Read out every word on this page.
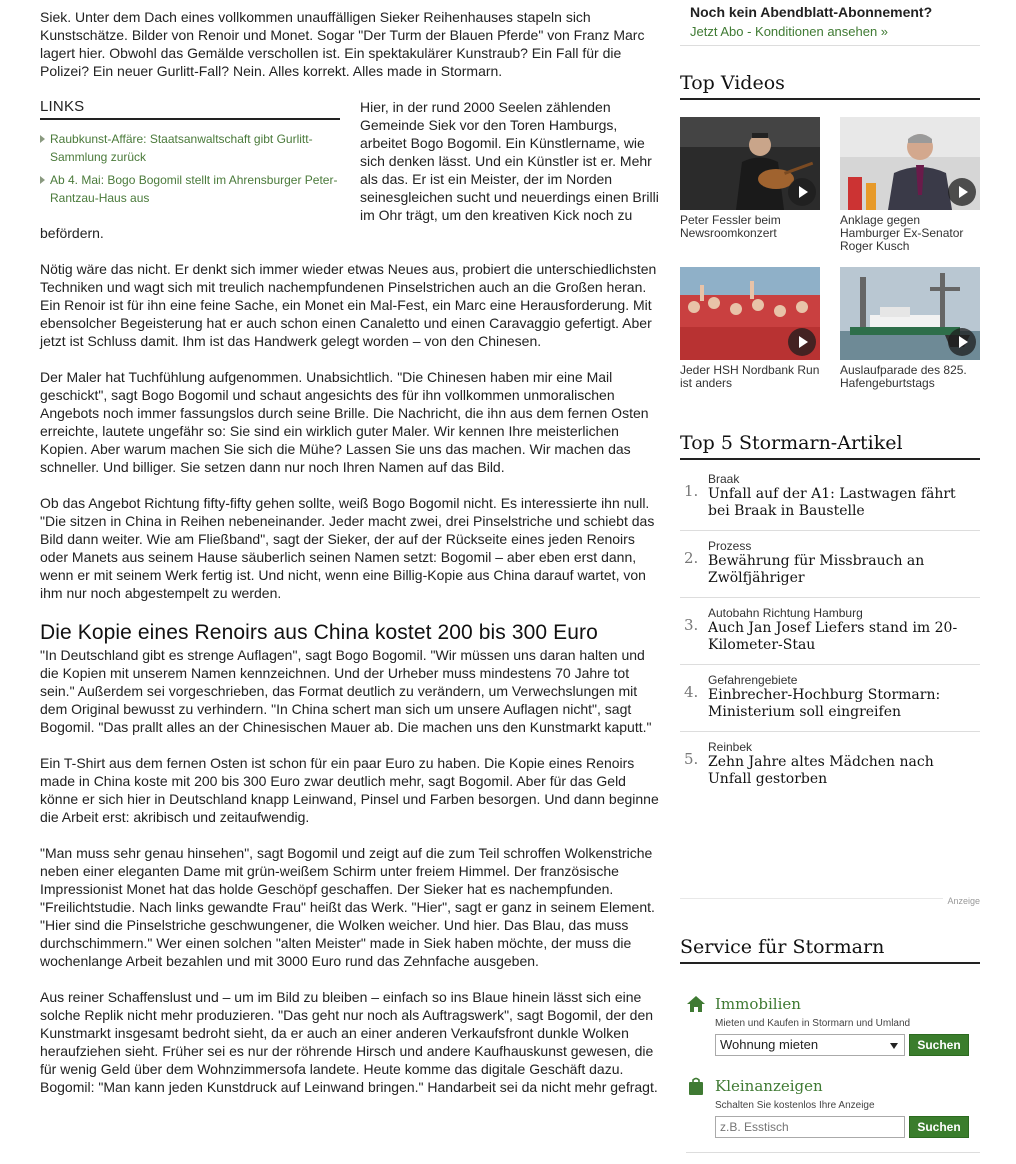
Siek. Unter dem Dach eines vollkommen unauffälligen Sieker Reihenhauses stapeln sich Kunstschätze. Bilder von Renoir und Monet. Sogar "Der Turm der Blauen Pferde" von Franz Marc lagert hier. Obwohl das Gemälde verschollen ist. Ein spektakulärer Kunstraub? Ein Fall für die Polizei? Ein neuer Gurlitt-Fall? Nein. Alles korrekt. Alles made in Stormarn.

LINKS
Raubkunst-Affäre: Staatsanwaltschaft gibt Gurlitt-Sammlung zurück
Ab 4. Mai: Bogo Bogomil stellt im Ahrensburger Peter-Rantzau-Haus aus

Hier, in der rund 2000 Seelen zählenden Gemeinde Siek vor den Toren Hamburgs, arbeitet Bogo Bogomil. Ein Künstlername, wie sich denken lässt. Und ein Künstler ist er. Mehr als das. Er ist ein Meister, der im Norden seinesgleichen sucht und neuerdings einen Brilli im Ohr trägt, um den kreativen Kick noch zu befördern.

Nötig wäre das nicht. Er denkt sich immer wieder etwas Neues aus, probiert die unterschiedlichsten Techniken und wagt sich mit treulich nachempfundenen Pinselstrichen auch an die Großen heran. Ein Renoir ist für ihn eine feine Sache, ein Monet ein Mal-Fest, ein Marc eine Herausforderung. Mit ebensolcher Begeisterung hat er auch schon einen Canaletto und einen Caravaggio gefertigt. Aber jetzt ist Schluss damit. Ihm ist das Handwerk gelegt worden – von den Chinesen.

Der Maler hat Tuchfühlung aufgenommen. Unabsichtlich. "Die Chinesen haben mir eine Mail geschickt", sagt Bogo Bogomil und schaut angesichts des für ihn vollkommen unmoralischen Angebots noch immer fassungslos durch seine Brille. Die Nachricht, die ihn aus dem fernen Osten erreichte, lautete ungefähr so: Sie sind ein wirklich guter Maler. Wir kennen Ihre meisterlichen Kopien. Aber warum machen Sie sich die Mühe? Lassen Sie uns das machen. Wir machen das schneller. Und billiger. Sie setzen dann nur noch Ihren Namen auf das Bild.

Ob das Angebot Richtung fifty-fifty gehen sollte, weiß Bogo Bogomil nicht. Es interessierte ihn null. "Die sitzen in China in Reihen nebeneinander. Jeder macht zwei, drei Pinselstriche und schiebt das Bild dann weiter. Wie am Fließband", sagt der Sieker, der auf der Rückseite eines jeden Renoirs oder Manets aus seinem Hause säuberlich seinen Namen setzt: Bogomil – aber eben erst dann, wenn er mit seinem Werk fertig ist. Und nicht, wenn eine Billig-Kopie aus China darauf wartet, von ihm nur noch abgestempelt zu werden.

Die Kopie eines Renoirs aus China kostet 200 bis 300 Euro

"In Deutschland gibt es strenge Auflagen", sagt Bogo Bogomil. "Wir müssen uns daran halten und die Kopien mit unserem Namen kennzeichnen. Und der Urheber muss mindestens 70 Jahre tot sein." Außerdem sei vorgeschrieben, das Format deutlich zu verändern, um Verwechslungen mit dem Original bewusst zu verhindern. "In China schert man sich um unsere Auflagen nicht", sagt Bogomil. "Das prallt alles an der Chinesischen Mauer ab. Die machen uns den Kunstmarkt kaputt."

Ein T-Shirt aus dem fernen Osten ist schon für ein paar Euro zu haben. Die Kopie eines Renoirs made in China koste mit 200 bis 300 Euro zwar deutlich mehr, sagt Bogomil. Aber für das Geld könne er sich hier in Deutschland knapp Leinwand, Pinsel und Farben besorgen. Und dann beginne die Arbeit erst: akribisch und zeitaufwendig.

"Man muss sehr genau hinsehen", sagt Bogomil und zeigt auf die zum Teil schroffen Wolkenstriche neben einer eleganten Dame mit grün-weißem Schirm unter freiem Himmel. Der französische Impressionist Monet hat das holde Geschöpf geschaffen. Der Sieker hat es nachempfunden. "Freilichtstudie. Nach links gewandte Frau" heißt das Werk. "Hier", sagt er ganz in seinem Element. "Hier sind die Pinselstriche geschwungener, die Wolken weicher. Und hier. Das Blau, das muss durchschimmern." Wer einen solchen "alten Meister" made in Siek haben möchte, der muss die wochenlange Arbeit bezahlen und mit 3000 Euro rund das Zehnfache ausgeben.

Aus reiner Schaffenslust und – um im Bild zu bleiben – einfach so ins Blaue hinein lässt sich eine solche Replik nicht mehr produzieren. "Das geht nur noch als Auftragswerk", sagt Bogomil, der den Kunstmarkt insgesamt bedroht sieht, da er auch an einer anderen Verkaufsfront dunkle Wolken heraufziehen sieht. Früher sei es nur der röhrende Hirsch und andere Kaufhauskunst gewesen, die für wenig Geld über dem Wohnzimmersofa landete. Heute komme das digitale Geschäft dazu. Bogomil: "Man kann jeden Kunstdruck auf Leinwand bringen." Handarbeit sei da nicht mehr gefragt.

Noch kein Abendblatt-Abonnement?
Jetzt Abo - Konditionen ansehen »
Top Videos
Peter Fessler beim Newsroomkonzert
Anklage gegen Hamburger Ex-Senator Roger Kusch
Jeder HSH Nordbank Run ist anders
Auslaufparade des 825. Hafengeburtstags
Top 5 Stormarn-Artikel
1.
Braak
Unfall auf der A1: Lastwagen fährt bei Braak in Baustelle
2.
Prozess
Bewährung für Missbrauch an Zwölfjähriger
3.
Autobahn Richtung Hamburg
Auch Jan Josef Liefers stand im 20-Kilometer-Stau
4.
Gefahrengebiete
Einbrecher-Hochburg Stormarn: Ministerium soll eingreifen
5.
Reinbek
Zehn Jahre altes Mädchen nach Unfall gestorben
Anzeige
Service für Stormarn
Immobilien
Mieten und Kaufen in Stormarn und Umland
Wohnung mieten	Suchen
Kleinanzeigen
Schalten Sie kostenlos Ihre Anzeige
z.B. Esstisch
Suchen
